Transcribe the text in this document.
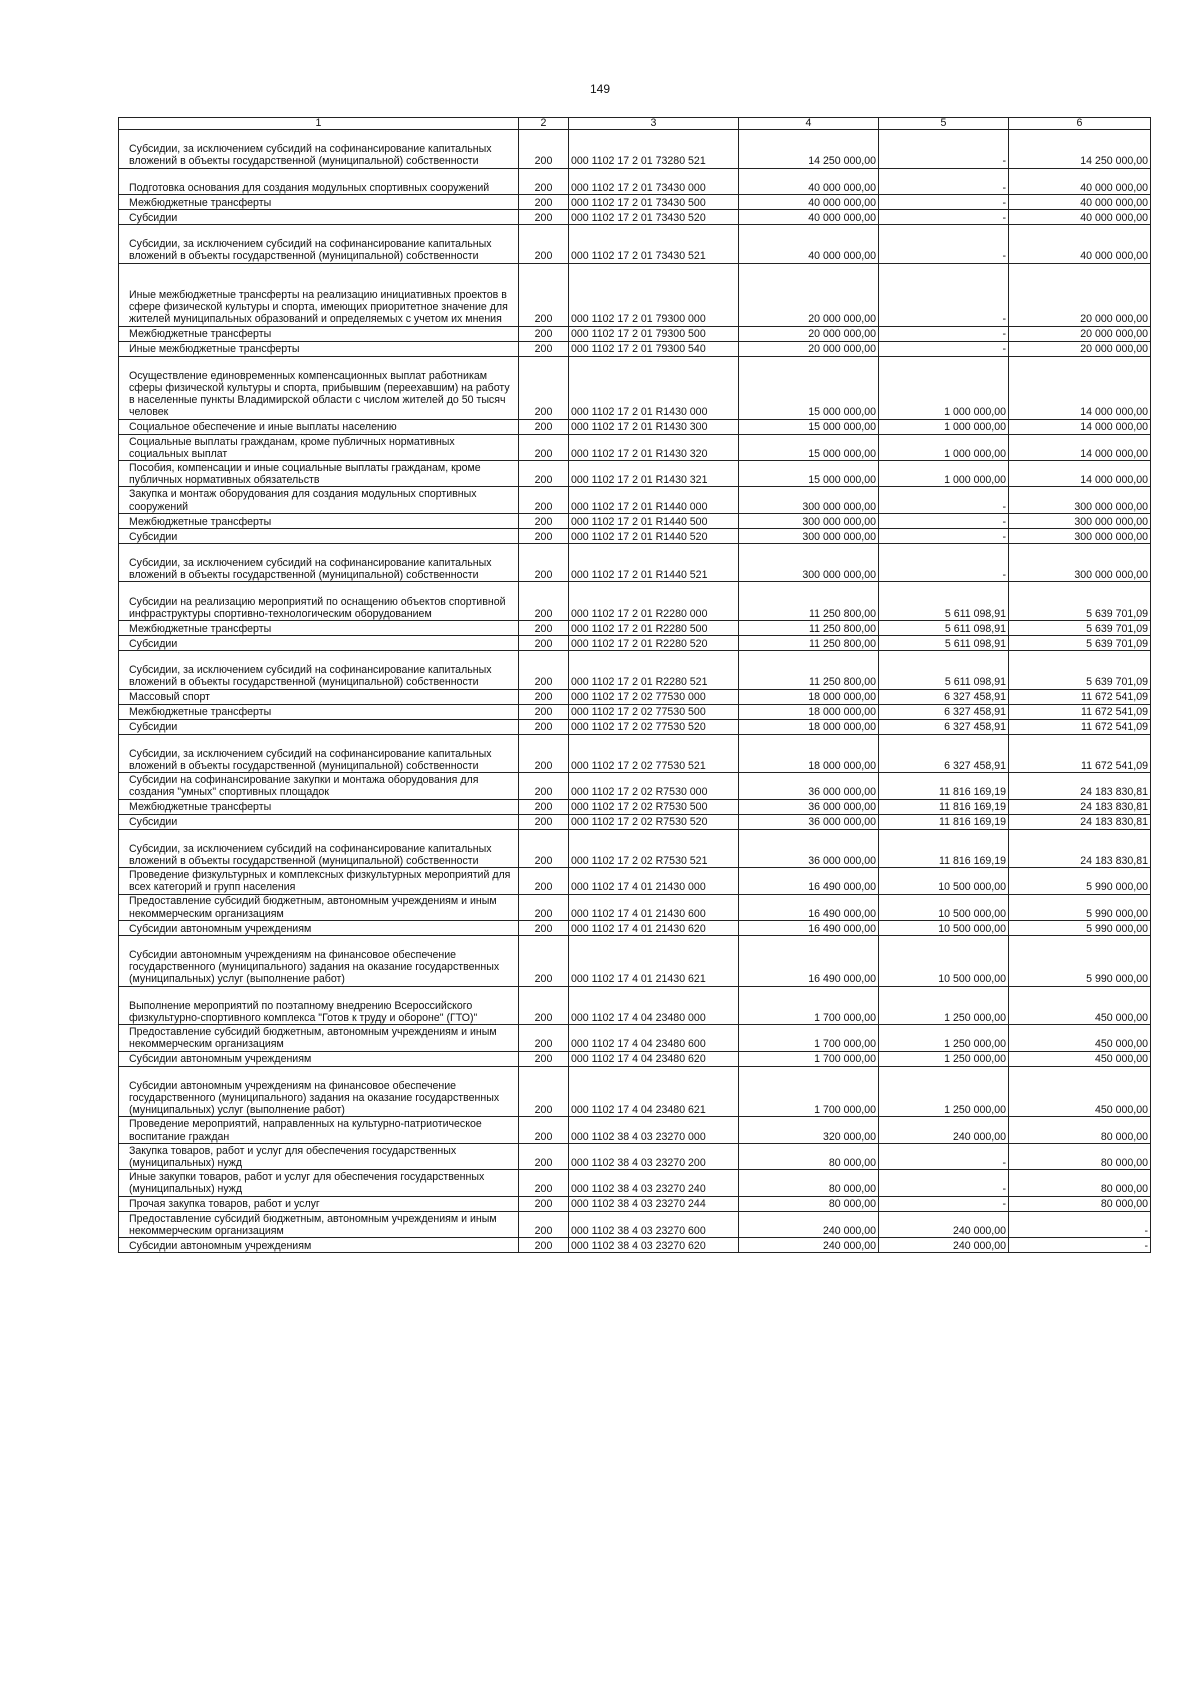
149
1	2	3	4	5	6

Субсидии, за исключением субсидий на софинансирование капитальных вложений в объекты государственной (муниципальной) собственности	200	000 1102 17 2 01 73280 521	14 250 000,00	-	14 250 000,00

Подготовка основания для создания модульных спортивных сооружений	200	000 1102 17 2 01 73430 000	40 000 000,00	-	40 000 000,00

Межбюджетные трансферты	200	000 1102 17 2 01 73430 500	40 000 000,00	-	40 000 000,00

Субсидии	200	000 1102 17 2 01 73430 520	40 000 000,00	-	40 000 000,00

Субсидии, за исключением субсидий на софинансирование капитальных вложений в объекты государственной (муниципальной) собственности	200	000 1102 17 2 01 73430 521	40 000 000,00	-	40 000 000,00

Иные межбюджетные трансферты на реализацию инициативных проектов в сфере физической культуры и спорта, имеющих приоритетное значение для жителей муниципальных образований и определяемых с учетом их мнения	200	000 1102 17 2 01 79300 000	20 000 000,00	-	20 000 000,00

Межбюджетные трансферты	200	000 1102 17 2 01 79300 500	20 000 000,00	-	20 000 000,00

Иные межбюджетные трансферты	200	000 1102 17 2 01 79300 540	20 000 000,00	-	20 000 000,00

Осуществление единовременных компенсационных выплат работникам сферы физической культуры и спорта, прибывшим (переехавшим) на работу в населенные пункты Владимирской области с числом жителей до 50 тысяч человек	200	000 1102 17 2 01 R1430 000	15 000 000,00	1 000 000,00	14 000 000,00

Социальное обеспечение и иные выплаты населению	200	000 1102 17 2 01 R1430 300	15 000 000,00	1 000 000,00	14 000 000,00

Социальные выплаты гражданам, кроме публичных нормативных социальных выплат	200	000 1102 17 2 01 R1430 320	15 000 000,00	1 000 000,00	14 000 000,00

Пособия, компенсации и иные социальные выплаты гражданам, кроме публичных нормативных обязательств	200	000 1102 17 2 01 R1430 321	15 000 000,00	1 000 000,00	14 000 000,00

Закупка и монтаж оборудования для создания модульных спортивных сооружений	200	000 1102 17 2 01 R1440 000	300 000 000,00	-	300 000 000,00

Межбюджетные трансферты	200	000 1102 17 2 01 R1440 500	300 000 000,00	-	300 000 000,00

Субсидии	200	000 1102 17 2 01 R1440 520	300 000 000,00	-	300 000 000,00

Субсидии, за исключением субсидий на софинансирование капитальных вложений в объекты государственной (муниципальной) собственности	200	000 1102 17 2 01 R1440 521	300 000 000,00	-	300 000 000,00

Субсидии на реализацию мероприятий по оснащению объектов спортивной инфраструктуры спортивно-технологическим оборудованием	200	000 1102 17 2 01 R2280 000	11 250 800,00	5 611 098,91	5 639 701,09

Межбюджетные трансферты	200	000 1102 17 2 01 R2280 500	11 250 800,00	5 611 098,91	5 639 701,09

Субсидии	200	000 1102 17 2 01 R2280 520	11 250 800,00	5 611 098,91	5 639 701,09

Субсидии, за исключением субсидий на софинансирование капитальных вложений в объекты государственной (муниципальной) собственности	200	000 1102 17 2 01 R2280 521	11 250 800,00	5 611 098,91	5 639 701,09

Массовый спорт	200	000 1102 17 2 02 77530 000	18 000 000,00	6 327 458,91	11 672 541,09

Межбюджетные трансферты	200	000 1102 17 2 02 77530 500	18 000 000,00	6 327 458,91	11 672 541,09

Субсидии	200	000 1102 17 2 02 77530 520	18 000 000,00	6 327 458,91	11 672 541,09

Субсидии, за исключением субсидий на софинансирование капитальных вложений в объекты государственной (муниципальной) собственности	200	000 1102 17 2 02 77530 521	18 000 000,00	6 327 458,91	11 672 541,09

Субсидии на софинансирование закупки и монтажа оборудования для создания "умных" спортивных площадок	200	000 1102 17 2 02 R7530 000	36 000 000,00	11 816 169,19	24 183 830,81

Межбюджетные трансферты	200	000 1102 17 2 02 R7530 500	36 000 000,00	11 816 169,19	24 183 830,81

Субсидии	200	000 1102 17 2 02 R7530 520	36 000 000,00	11 816 169,19	24 183 830,81

Субсидии, за исключением субсидий на софинансирование капитальных вложений в объекты государственной (муниципальной) собственности	200	000 1102 17 2 02 R7530 521	36 000 000,00	11 816 169,19	24 183 830,81

Проведение физкультурных и комплексных физкультурных мероприятий для всех категорий и групп населения	200	000 1102 17 4 01 21430 000	16 490 000,00	10 500 000,00	5 990 000,00

Предоставление субсидий бюджетным, автономным учреждениям и иным некоммерческим организациям	200	000 1102 17 4 01 21430 600	16 490 000,00	10 500 000,00	5 990 000,00

Субсидии автономным учреждениям	200	000 1102 17 4 01 21430 620	16 490 000,00	10 500 000,00	5 990 000,00

Субсидии автономным учреждениям на финансовое обеспечение государственного (муниципального) задания на оказание государственных (муниципальных) услуг (выполнение работ)	200	000 1102 17 4 01 21430 621	16 490 000,00	10 500 000,00	5 990 000,00

Выполнение мероприятий по поэтапному внедрению Всероссийского физкультурно-спортивного комплекса "Готов к труду и обороне" (ГТО)"	200	000 1102 17 4 04 23480 000	1 700 000,00	1 250 000,00	450 000,00

Предоставление субсидий бюджетным, автономным учреждениям и иным некоммерческим организациям	200	000 1102 17 4 04 23480 600	1 700 000,00	1 250 000,00	450 000,00

Субсидии автономным учреждениям	200	000 1102 17 4 04 23480 620	1 700 000,00	1 250 000,00	450 000,00

Субсидии автономным учреждениям на финансовое обеспечение государственного (муниципального) задания на оказание государственных (муниципальных) услуг (выполнение работ)	200	000 1102 17 4 04 23480 621	1 700 000,00	1 250 000,00	450 000,00

Проведение мероприятий, направленных на культурно-патриотическое воспитание граждан	200	000 1102 38 4 03 23270 000	320 000,00	240 000,00	80 000,00

Закупка товаров, работ и услуг для обеспечения государственных (муниципальных) нужд	200	000 1102 38 4 03 23270 200	80 000,00	-	80 000,00

Иные закупки товаров, работ и услуг для обеспечения государственных (муниципальных) нужд	200	000 1102 38 4 03 23270 240	80 000,00	-	80 000,00

Прочая закупка товаров, работ и услуг	200	000 1102 38 4 03 23270 244	80 000,00	-	80 000,00

Предоставление субсидий бюджетным, автономным учреждениям и иным некоммерческим организациям	200	000 1102 38 4 03 23270 600	240 000,00	240 000,00	-

Субсидии автономным учреждениям	200	000 1102 38 4 03 23270 620	240 000,00	240 000,00	-
